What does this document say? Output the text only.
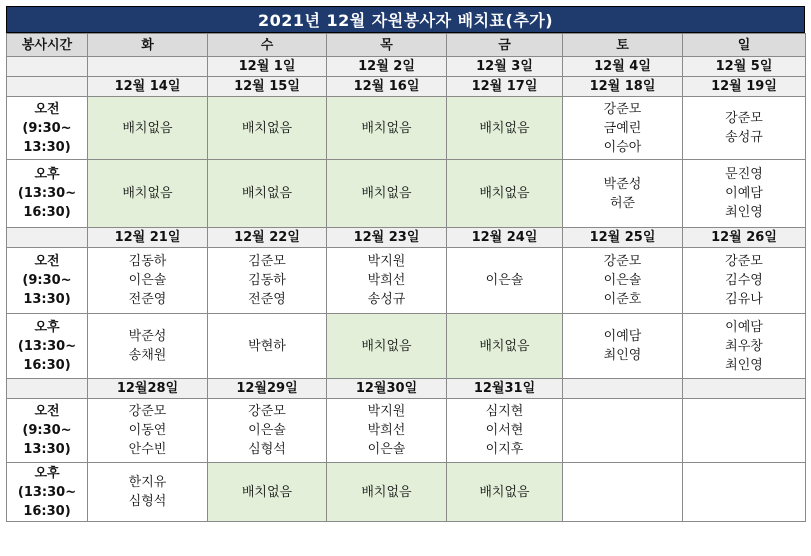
2021년 12월 자원봉사자 배치표(추가)
봉사시간	화	수	목	금	토	일
		12월 1일	12월 2일	12월 3일	12월 4일	12월 5일
	12월 14일	12월 15일	12월 16일	12월 17일	12월 18일	12월 19일

오전
(9:30~
13:30)	배치없음	배치없음	배치없음	배치없음	강준모
금예린
이승아	강준모
송성규

오후
(13:30~
16:30)	배치없음	배치없음	배치없음	배치없음	박준성
허준	문진영
이예담
최인영

	12월 21일	12월 22일	12월 23일	12월 24일	12월 25일	12월 26일

오전
(9:30~
13:30)	김동하
이은솔
전준영	김준모
김동하
전준영	박지원
박희선
송성규	이은솔	강준모
이은솔
이준호	강준모
김수영
김유나

오후
(13:30~
16:30)	박준성
송채원	박현하	배치없음	배치없음	이예담
최인영	이예담
최우창
최인영

	12월28일	12월29일	12월30일	12월31일		

오전
(9:30~
13:30)	강준모
이동연
안수빈	강준모
이은솔
심형석	박지원
박희선
이은솔	심지현
이서현
이지후		

오후
(13:30~
16:30)	한지유
심형석	배치없음	배치없음	배치없음		
